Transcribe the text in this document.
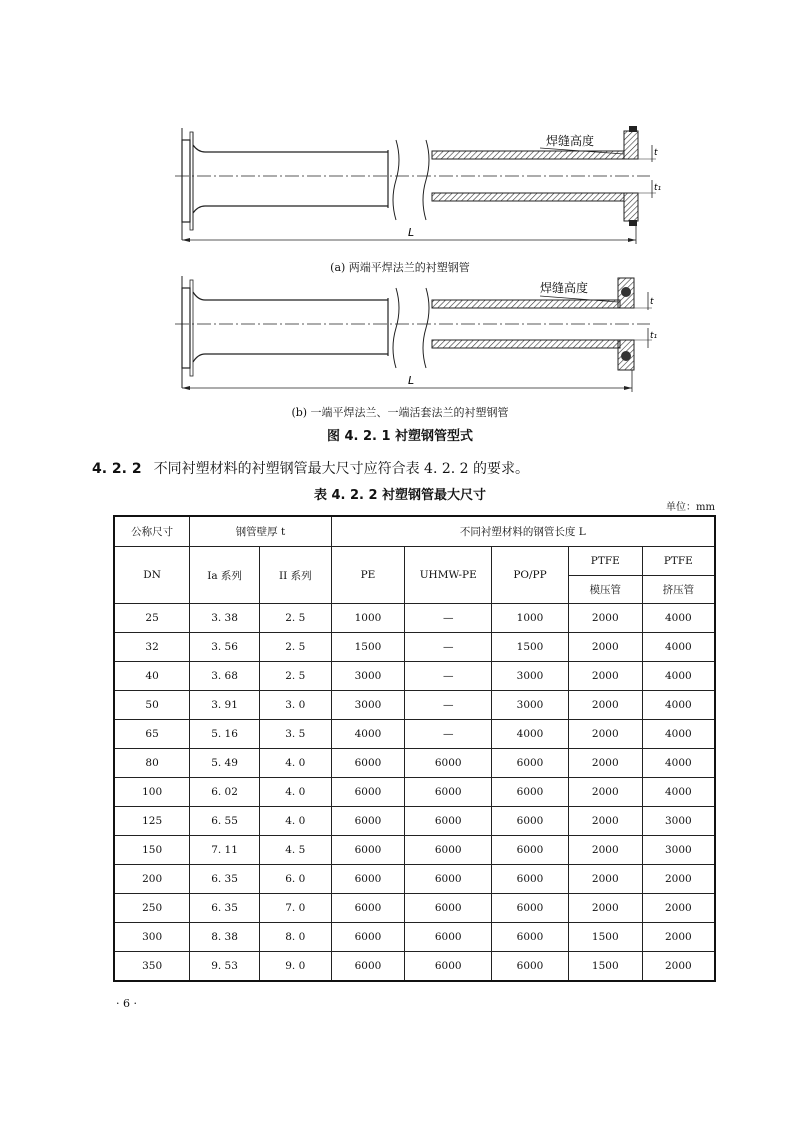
L
焊缝高度
t
t₁
(a) 两端平焊法兰的衬塑钢管
L
焊缝高度
t
t₁
(b) 一端平焊法兰、一端活套法兰的衬塑钢管
图 4. 2. 1 衬塑钢管型式
4. 2. 2 不同衬塑材料的衬塑钢管最大尺寸应符合表 4. 2. 2 的要求。
表 4. 2. 2 衬塑钢管最大尺寸
单位：mm
公称尺寸	钢管壁厚 t		不同衬塑材料的钢管长度 L				
DN	Ia 系列	II 系列	PE	UHMW-PE	PO/PP	PTFE	PTFE
						模压管	挤压管
25	3. 38	2. 5	1000	—	1000	2000	4000
32	3. 56	2. 5	1500	—	1500	2000	4000
40	3. 68	2. 5	3000	—	3000	2000	4000
50	3. 91	3. 0	3000	—	3000	2000	4000
65	5. 16	3. 5	4000	—	4000	2000	4000
80	5. 49	4. 0	6000	6000	6000	2000	4000
100	6. 02	4. 0	6000	6000	6000	2000	4000
125	6. 55	4. 0	6000	6000	6000	2000	3000
150	7. 11	4. 5	6000	6000	6000	2000	3000
200	6. 35	6. 0	6000	6000	6000	2000	2000
250	6. 35	7. 0	6000	6000	6000	2000	2000
300	8. 38	8. 0	6000	6000	6000	1500	2000
350	9. 53	9. 0	6000	6000	6000	1500	2000
· 6 ·
